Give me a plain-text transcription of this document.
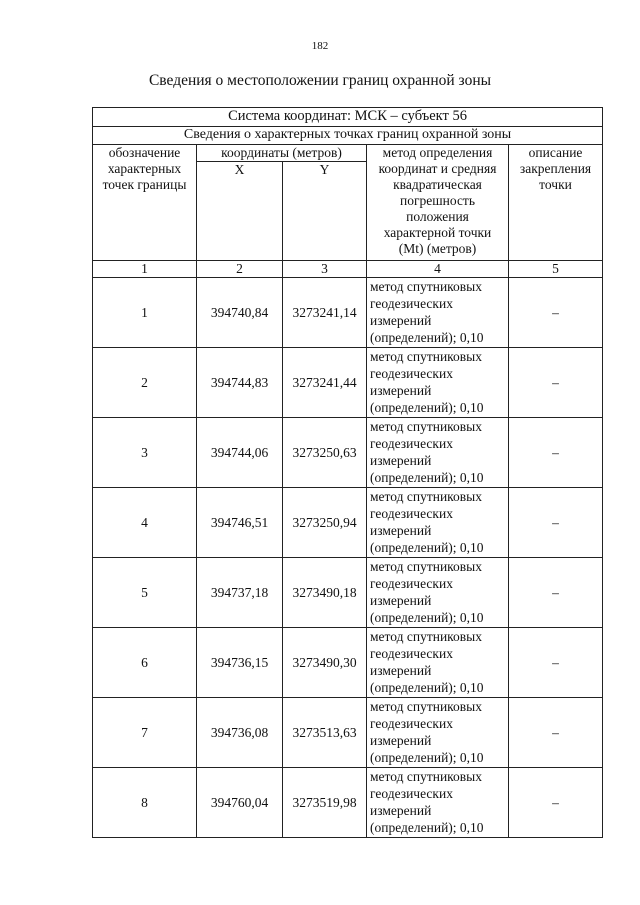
182
Сведения о местоположении границ охранной зоны
Система координат: МСК – субъект 56				
Сведения о характерных точках границ охранной зоны				
обозначение характерных точек границы	координаты (метров)		метод определения координат и средняя квадратическая погрешность положения характерной точки (Mt) (метров)	описание закрепления точки
	X	Y		
1	2	3	4	5
1	394740,84	3273241,14	метод спутниковых геодезических измерений (определений); 0,10	–
2	394744,83	3273241,44	метод спутниковых геодезических измерений (определений); 0,10	–
3	394744,06	3273250,63	метод спутниковых геодезических измерений (определений); 0,10	–
4	394746,51	3273250,94	метод спутниковых геодезических измерений (определений); 0,10	–
5	394737,18	3273490,18	метод спутниковых геодезических измерений (определений); 0,10	–
6	394736,15	3273490,30	метод спутниковых геодезических измерений (определений); 0,10	–
7	394736,08	3273513,63	метод спутниковых геодезических измерений (определений); 0,10	–
8	394760,04	3273519,98	метод спутниковых геодезических измерений (определений); 0,10	–
